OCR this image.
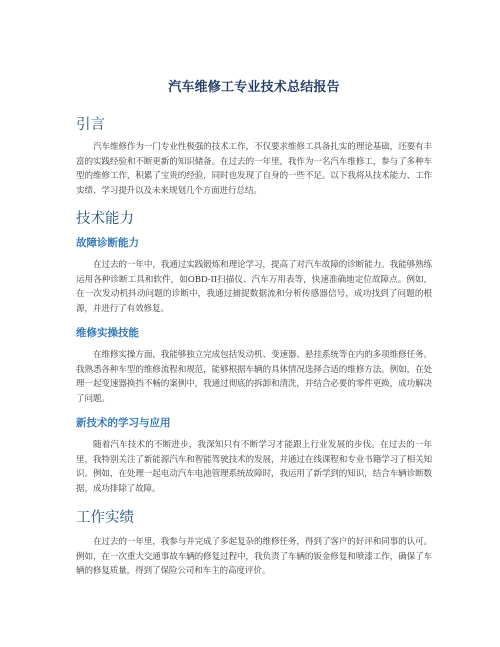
汽车维修工专业技术总结报告
引言

汽车维修作为一门专业性极强的技术工作，不仅要求维修工具备扎实的理论基础，还要有丰富的实践经验和不断更新的知识储备。在过去的一年里，我作为一名汽车维修工，参与了多种车型的维修工作，积累了宝贵的经验，同时也发现了自身的一些不足。以下我将从技术能力、工作实绩、学习提升以及未来规划几个方面进行总结。

技术能力
故障诊断能力

在过去的一年中，我通过实践锻炼和理论学习，提高了对汽车故障的诊断能力。我能够熟练运用各种诊断工具和软件，如OBD-II扫描仪、汽车万用表等，快速准确地定位故障点。例如，在一次发动机抖动问题的诊断中，我通过捕捉数据流和分析传感器信号，成功找到了问题的根源，并进行了有效修复。

维修实操技能

在维修实操方面，我能够独立完成包括发动机、变速器、悬挂系统等在内的多项维修任务。我熟悉各种车型的维修流程和规范，能够根据车辆的具体情况选择合适的维修方法。例如，在处理一起变速器换挡不畅的案例中，我通过彻底的拆卸和清洗，并结合必要的零件更换，成功解决了问题。

新技术的学习与应用

随着汽车技术的不断进步，我深知只有不断学习才能跟上行业发展的步伐。在过去的一年里，我特别关注了新能源汽车和智能驾驶技术的发展，并通过在线课程和专业书籍学习了相关知识。例如，在处理一起电动汽车电池管理系统故障时，我运用了新学到的知识，结合车辆诊断数据，成功排除了故障。

工作实绩

在过去的一年里，我参与并完成了多起复杂的维修任务，得到了客户的好评和同事的认可。例如，在一次重大交通事故车辆的修复过程中，我负责了车辆的钣金修复和喷漆工作，确保了车辆的修复质量，得到了保险公司和车主的高度评价。
